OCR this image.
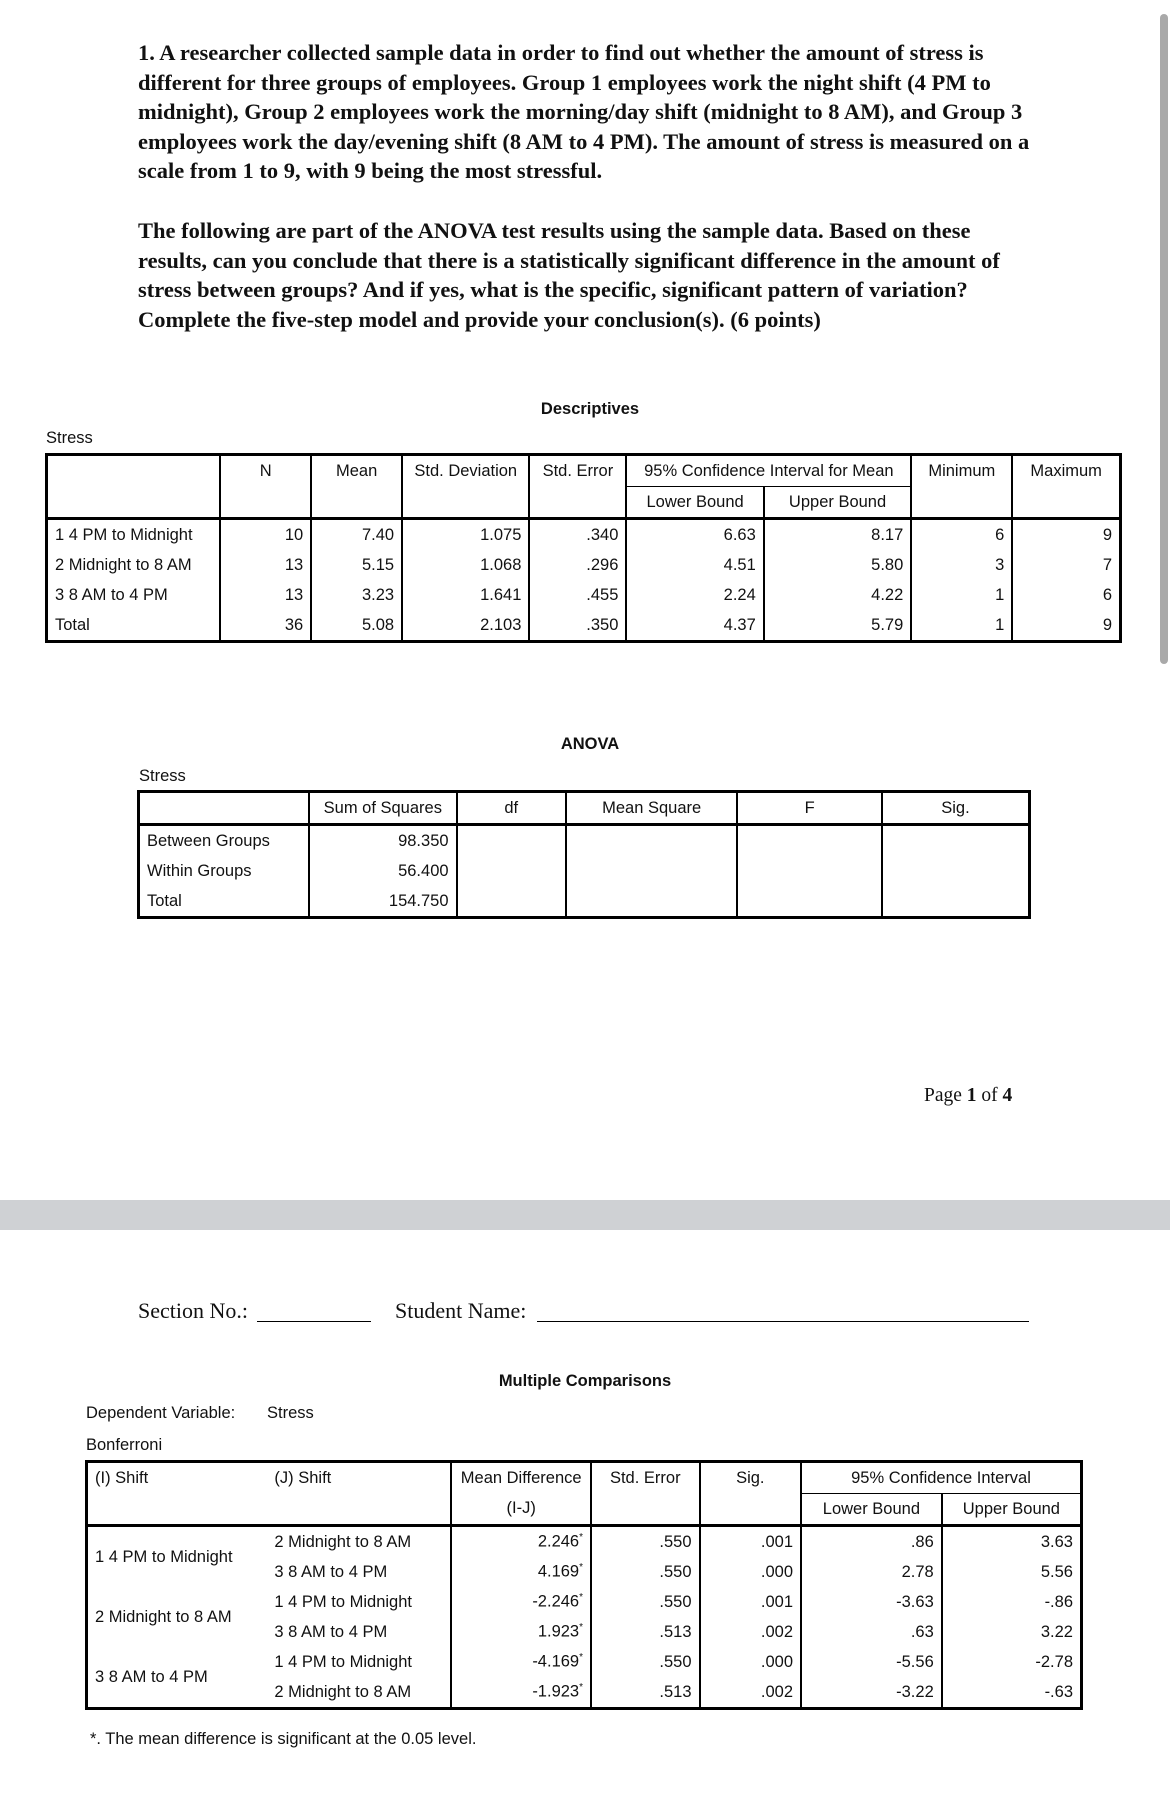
1. A researcher collected sample data in order to find out whether the amount of stress is different for three groups of employees. Group 1 employees work the night shift (4 PM to midnight), Group 2 employees work the morning/day shift (midnight to 8 AM), and Group 3 employees work the day/evening shift (8 AM to 4 PM). The amount of stress is measured on a scale from 1 to 9, with 9 being the most stressful.

The following are part of the ANOVA test results using the sample data. Based on these results, can you conclude that there is a statistically significant difference in the amount of stress between groups? And if yes, what is the specific, significant pattern of variation? Complete the five-step model and provide your conclusion(s). (6 points)

Descriptives
Stress
	N	Mean	Std. Deviation	Std. Error	95% Confidence Interval for Mean		Minimum	Maximum
					Lower Bound	Upper Bound		
1 4 PM to Midnight	10	7.40	1.075	.340	6.63	8.17	6	9
2 Midnight to 8 AM	13	5.15	1.068	.296	4.51	5.80	3	7
3 8 AM to 4 PM	13	3.23	1.641	.455	2.24	4.22	1	6
Total	36	5.08	2.103	.350	4.37	5.79	1	9
ANOVA
Stress
	Sum of Squares	df	Mean Square	F	Sig.
Between Groups	98.350				
Within Groups	56.400				
Total	154.750				
Page 1 of 4
Section No.:	Student Name:
Multiple Comparisons
Dependent Variable: Stress
Bonferroni
(I) Shift	(J) Shift	Mean Difference	Std. Error	Sig.	95% Confidence Interval	
		(I-J)			Lower Bound	Upper Bound
1 4 PM to Midnight	2 Midnight to 8 AM	2.246*	.550	.001	.86	3.63
	3 8 AM to 4 PM	4.169*	.550	.000	2.78	5.56
2 Midnight to 8 AM	1 4 PM to Midnight	-2.246*	.550	.001	-3.63	-.86
	3 8 AM to 4 PM	1.923*	.513	.002	.63	3.22
3 8 AM to 4 PM	1 4 PM to Midnight	-4.169*	.550	.000	-5.56	-2.78
	2 Midnight to 8 AM	-1.923*	.513	.002	-3.22	-.63
*. The mean difference is significant at the 0.05 level.
